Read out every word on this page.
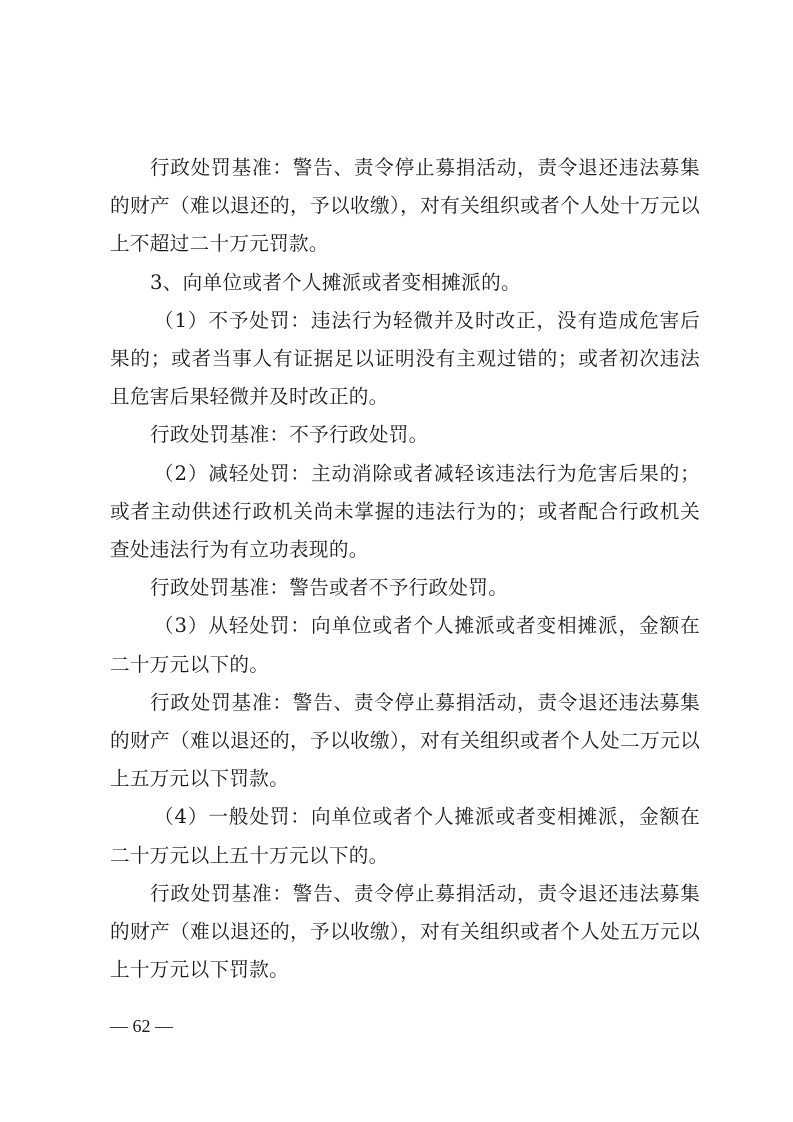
行政处罚基准：警告、责令停止募捐活动，责令退还违法募集的财产（难以退还的，予以收缴），对有关组织或者个人处十万元以上不超过二十万元罚款。

3、向单位或者个人摊派或者变相摊派的。

（1）不予处罚：违法行为轻微并及时改正，没有造成危害后果的；或者当事人有证据足以证明没有主观过错的；或者初次违法且危害后果轻微并及时改正的。

行政处罚基准：不予行政处罚。

（2）减轻处罚：主动消除或者减轻该违法行为危害后果的；或者主动供述行政机关尚未掌握的违法行为的；或者配合行政机关查处违法行为有立功表现的。

行政处罚基准：警告或者不予行政处罚。

（3）从轻处罚：向单位或者个人摊派或者变相摊派，金额在二十万元以下的。

行政处罚基准：警告、责令停止募捐活动，责令退还违法募集的财产（难以退还的，予以收缴），对有关组织或者个人处二万元以上五万元以下罚款。

（4）一般处罚：向单位或者个人摊派或者变相摊派，金额在二十万元以上五十万元以下的。

行政处罚基准：警告、责令停止募捐活动，责令退还违法募集的财产（难以退还的，予以收缴），对有关组织或者个人处五万元以上十万元以下罚款。

— 62 —
